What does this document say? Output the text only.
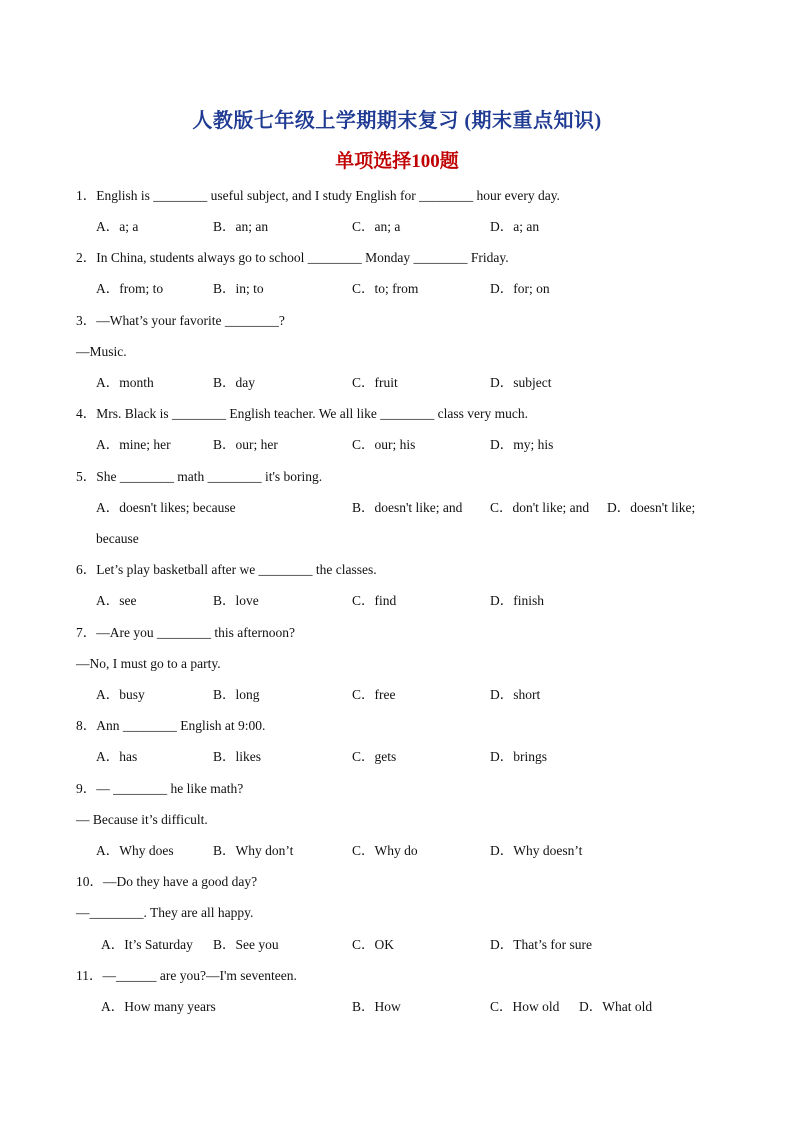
人教版七年级上学期期末复习 (期末重点知识)
单项选择100题
1．English is ________ useful subject, and I study English for ________ hour every day.
A．a; a	B．an; an	C．an; a	D．a; an
2．In China, students always go to school ________ Monday ________ Friday.
A．from; to	B．in; to	C．to; from	D．for; on
3．—What’s your favorite ________?
—Music.
A．month	B．day	C．fruit	D．subject
4．Mrs. Black is ________ English teacher. We all like ________ class very much.
A．mine; her	B．our; her	C．our; his	D．my; his
5．She ________ math ________ it's boring.
A．doesn't likes; because	B．doesn't like; and C．don't like; and D．doesn't like;
because
6．Let’s play basketball after we ________ the classes.
A．see	B．love	C．find	D．finish
7．—Are you ________ this afternoon?
—No, I must go to a party.
A．busy	B．long	C．free	D．short
8．Ann ________ English at 9:00.
A．has	B．likes	C．gets	D．brings
9．— ________ he like math?
— Because it’s difficult.
A．Why does	B．Why don’t	C．Why do	D．Why doesn’t
10．—Do they have a good day?
—________. They are all happy.
A．It’s Saturday B．See you	C．OK	D．That’s for sure
11．—______ are you?—I'm seventeen.
A．How many years	B．How	C．How old D．What old
